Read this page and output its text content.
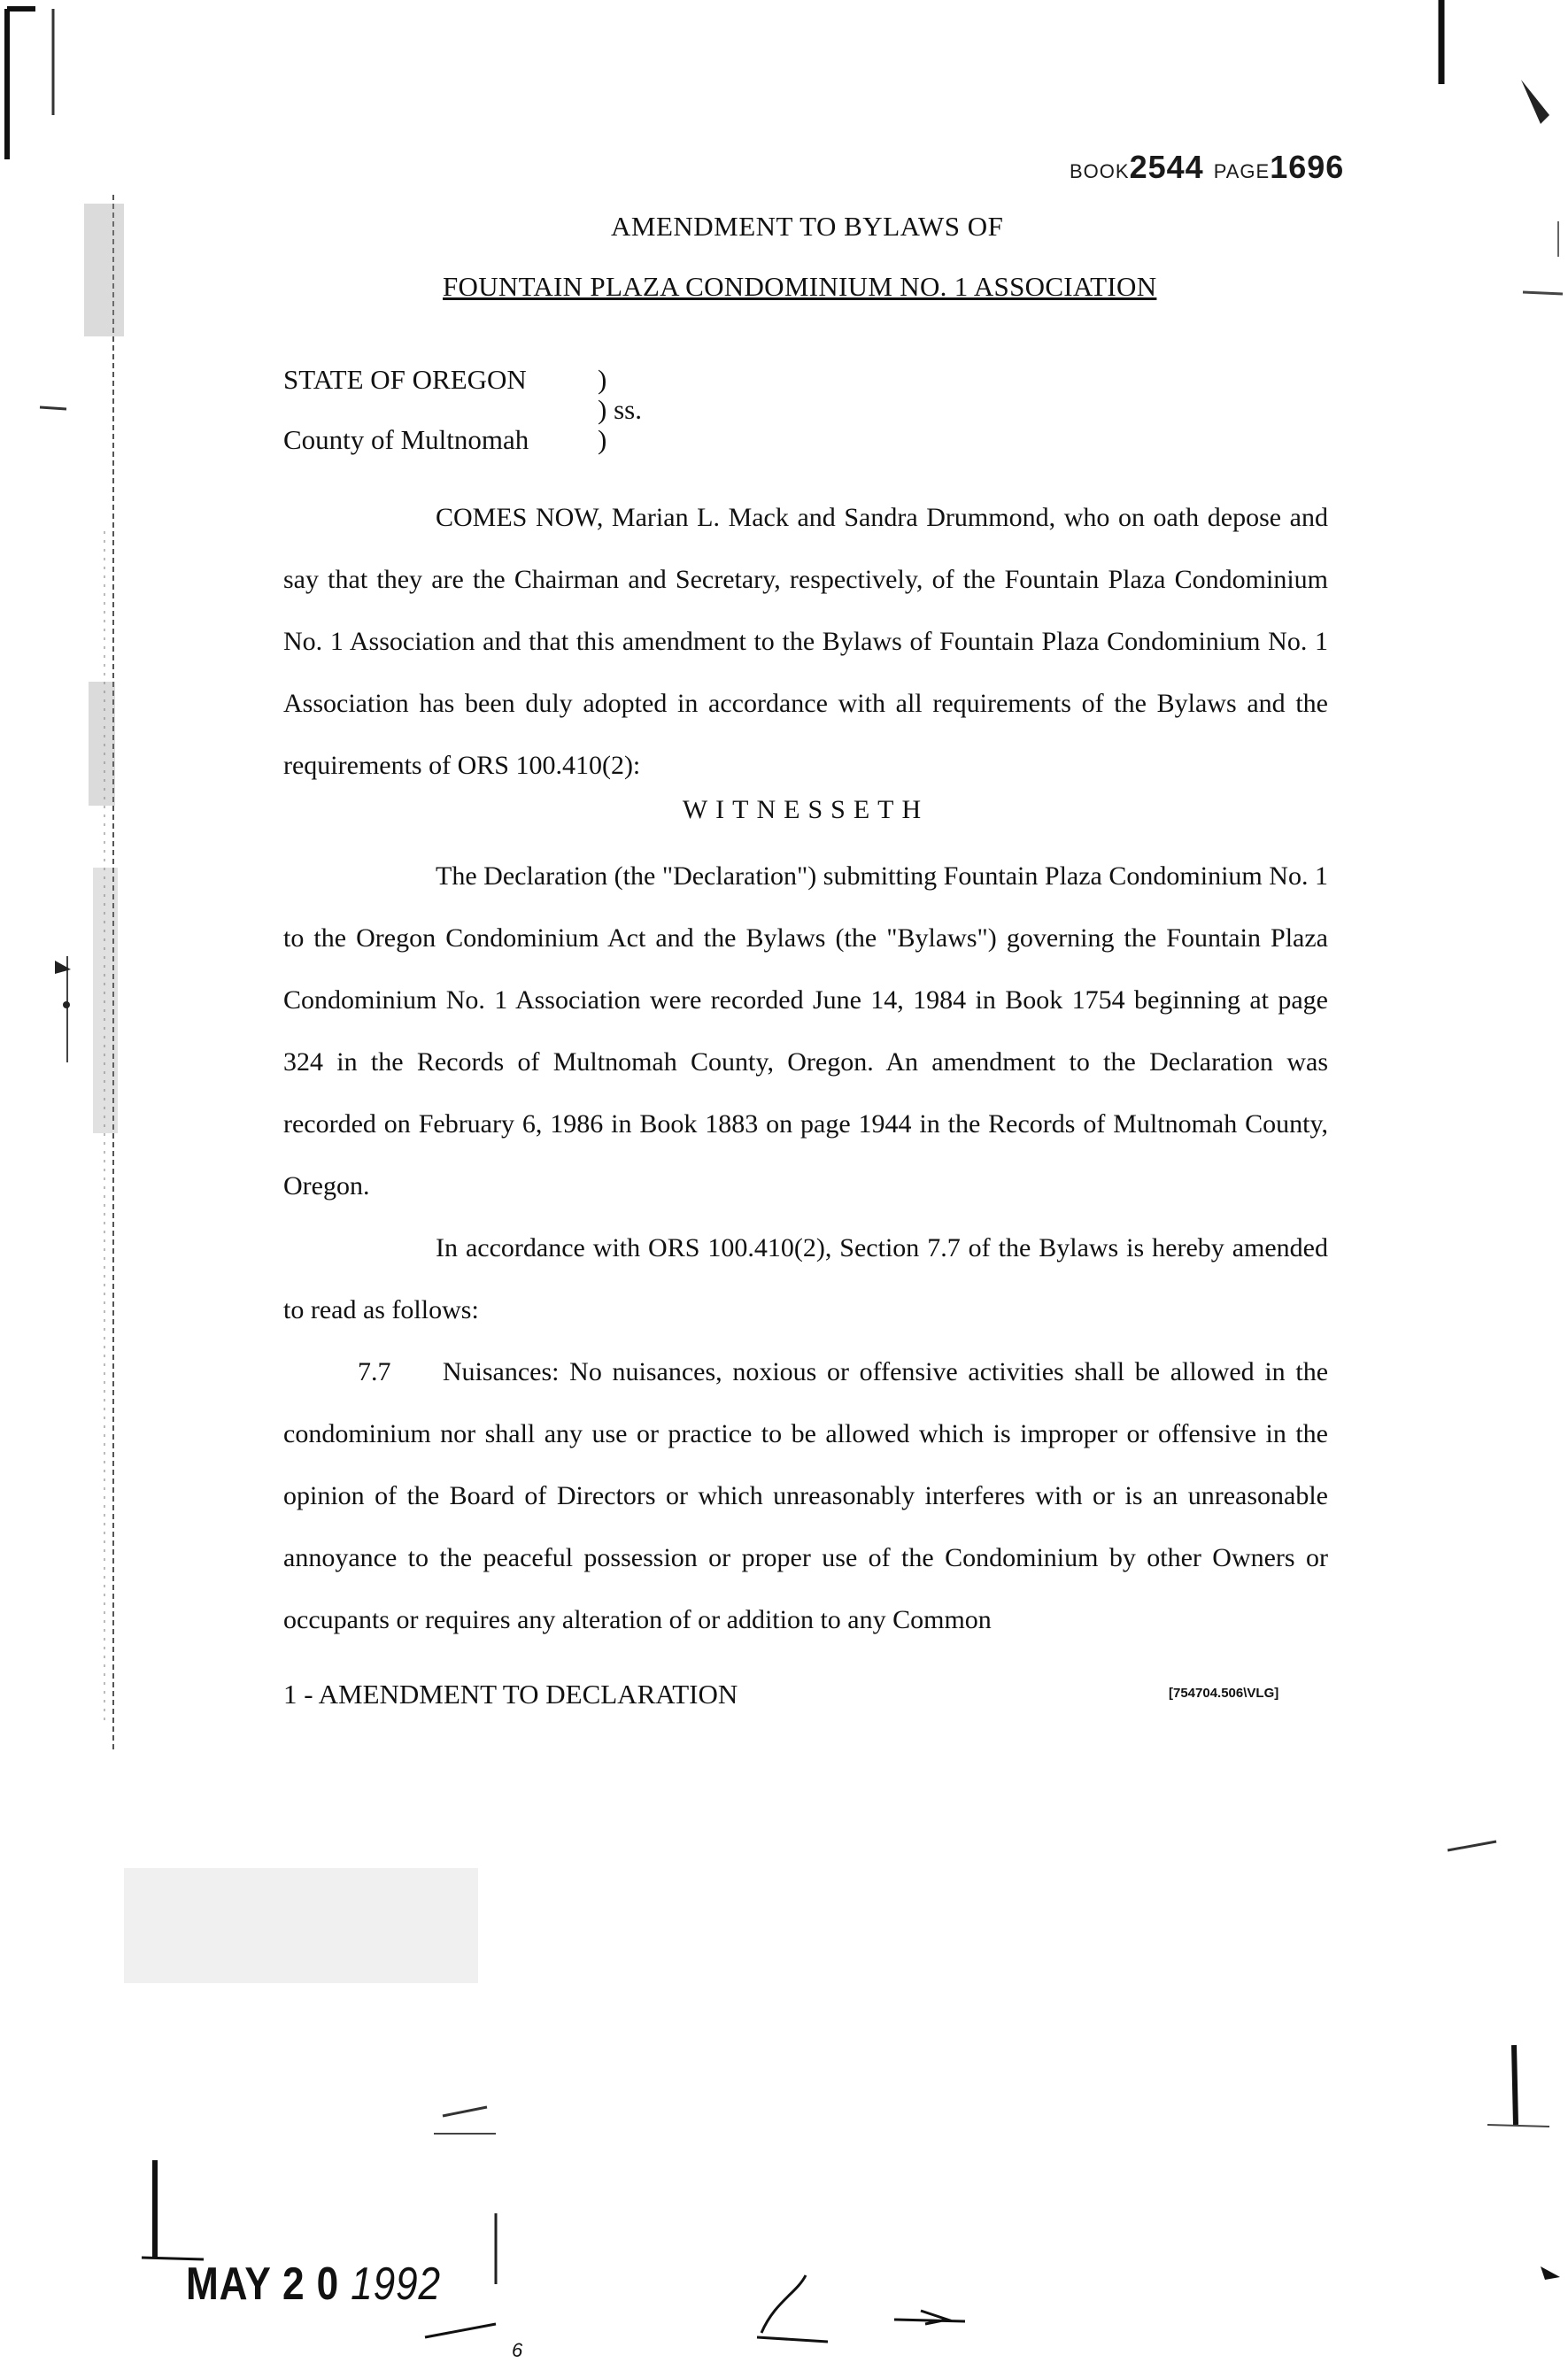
BOOK2544 PAGE1696
AMENDMENT TO BYLAWS OF
FOUNTAIN PLAZA CONDOMINIUM NO. 1 ASSOCIATION
STATE OF OREGON	)
) ss.
County of Multnomah	)

COMES NOW, Marian L. Mack and Sandra Drummond, who on oath depose and say that they are the Chairman and Secretary, respectively, of the Fountain Plaza Condominium No. 1 Association and that this amendment to the Bylaws of Fountain Plaza Condominium No. 1 Association has been duly adopted in accordance with all requirements of the Bylaws and the requirements of ORS 100.410(2):

WITNESSETH

The Declaration (the "Declaration") submitting Fountain Plaza Condominium No. 1 to the Oregon Condominium Act and the Bylaws (the "Bylaws") governing the Fountain Plaza Condominium No. 1 Association were recorded June 14, 1984 in Book 1754 beginning at page 324 in the Records of Multnomah County, Oregon. An amendment to the Declaration was recorded on February 6, 1986 in Book 1883 on page 1944 in the Records of Multnomah County, Oregon.

In accordance with ORS 100.410(2), Section 7.7 of the Bylaws is hereby amended to read as follows:

7.7 Nuisances: No nuisances, noxious or offensive activities shall be allowed in the condominium nor shall any use or practice to be allowed which is improper or offensive in the opinion of the Board of Directors or which unreasonably interferes with or is an unreasonable annoyance to the peaceful possession or proper use of the Condominium by other Owners or occupants or requires any alteration of or addition to any Common

1 - AMENDMENT TO DECLARATION	[754704.506\VLG]
MAY 2 0 1992
6
